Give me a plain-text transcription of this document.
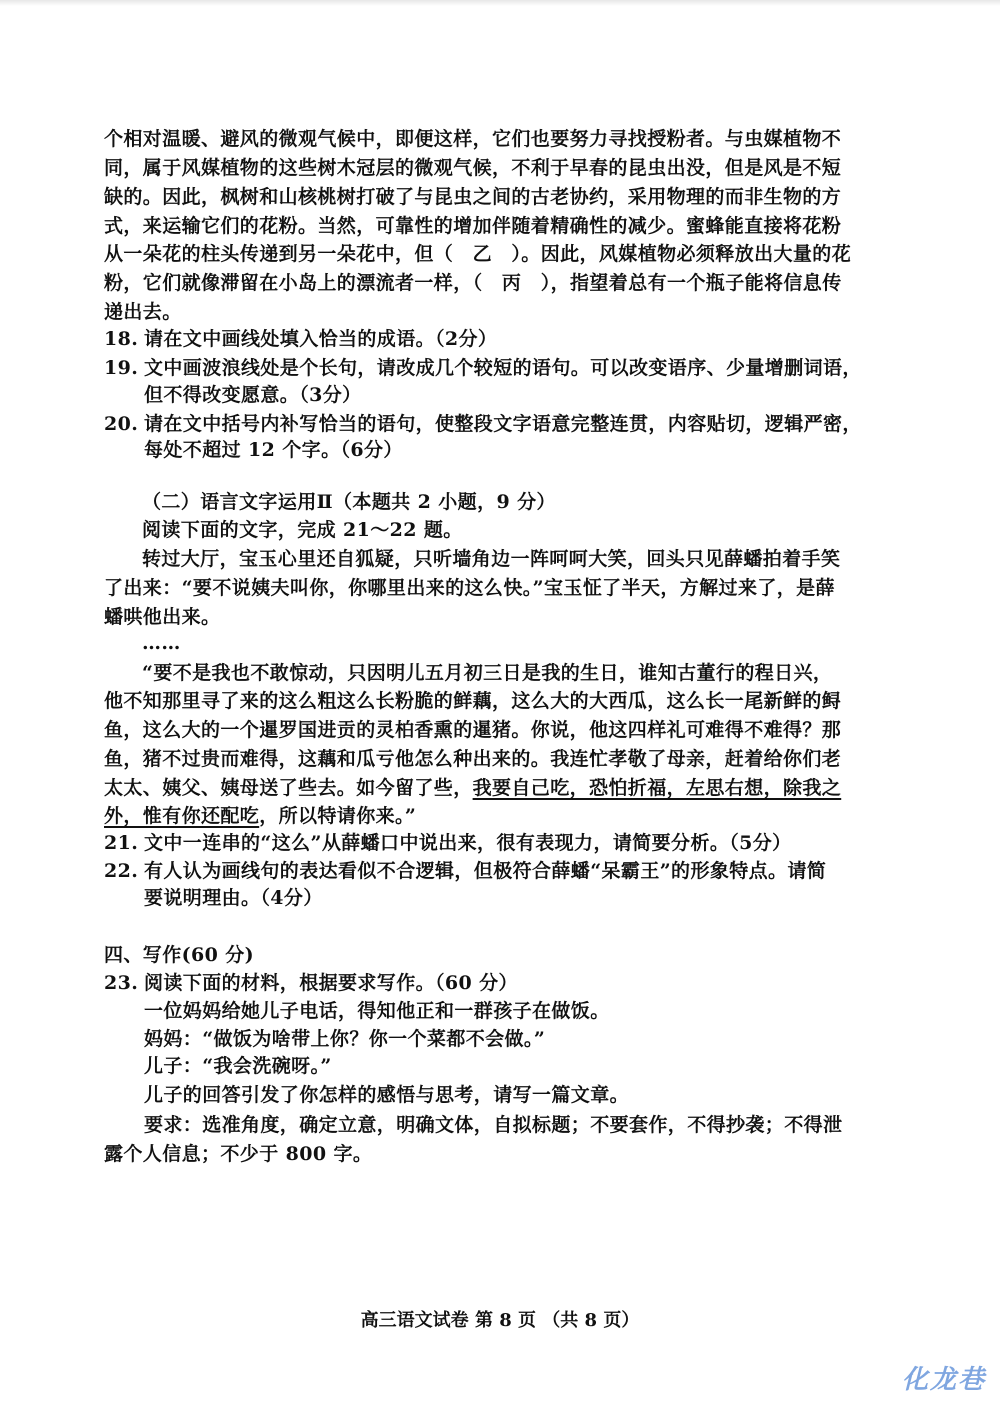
个相对温暖、避风的微观气候中，即便这样，它们也要努力寻找授粉者。与虫媒植物不
同，属于风媒植物的这些树木冠层的微观气候，不利于早春的昆虫出没，但是风是不短
缺的。因此，枫树和山核桃树打破了与昆虫之间的古老协约，采用物理的而非生物的方
式，来运输它们的花粉。当然，可靠性的增加伴随着精确性的减少。蜜蜂能直接将花粉
从一朵花的柱头传递到另一朵花中，但（　乙　）。因此，风媒植物必须释放出大量的花
粉，它们就像滞留在小岛上的漂流者一样，（　丙　），指望着总有一个瓶子能将信息传
递出去。
18. 请在文中画线处填入恰当的成语。（2分）
19. 文中画波浪线处是个长句，请改成几个较短的语句。可以改变语序、少量增删词语，
但不得改变愿意。（3分）
20. 请在文中括号内补写恰当的语句，使整段文字语意完整连贯，内容贴切，逻辑严密，
每处不超过 12 个字。（6分）
（二）语言文字运用Ⅱ（本题共 2 小题，9 分）
阅读下面的文字，完成 21～22 题。
转过大厅，宝玉心里还自狐疑，只听墙角边一阵呵呵大笑，回头只见薛蟠拍着手笑
了出来：“要不说姨夫叫你，你哪里出来的这么快。”宝玉怔了半天，方解过来了，是薛
蟠哄他出来。
……
“要不是我也不敢惊动，只因明儿五月初三日是我的生日，谁知古董行的程日兴，
他不知那里寻了来的这么粗这么长粉脆的鲜藕，这么大的大西瓜，这么长一尾新鲜的鲟
鱼，这么大的一个暹罗国进贡的灵柏香熏的暹猪。你说，他这四样礼可难得不难得？那
鱼，猪不过贵而难得，这藕和瓜亏他怎么种出来的。我连忙孝敬了母亲，赶着给你们老
太太、姨父、姨母送了些去。如今留了些，我要自己吃，恐怕折福，左思右想，除我之
外，惟有你还配吃，所以特请你来。”
21. 文中一连串的“这么”从薛蟠口中说出来，很有表现力，请简要分析。（5分）
22. 有人认为画线句的表达看似不合逻辑，但极符合薛蟠“呆霸王”的形象特点。请简
要说明理由。（4分）
四、写作(60 分)
23. 阅读下面的材料，根据要求写作。（60 分）
一位妈妈给她儿子电话，得知他正和一群孩子在做饭。
妈妈：“做饭为啥带上你？你一个菜都不会做。”
儿子：“我会洗碗呀。”
儿子的回答引发了你怎样的感悟与思考，请写一篇文章。
要求：选准角度，确定立意，明确文体，自拟标题；不要套作，不得抄袭；不得泄
露个人信息；不少于 800 字。
高三语文试卷 第 8 页 （共 8 页）
化龙巷
